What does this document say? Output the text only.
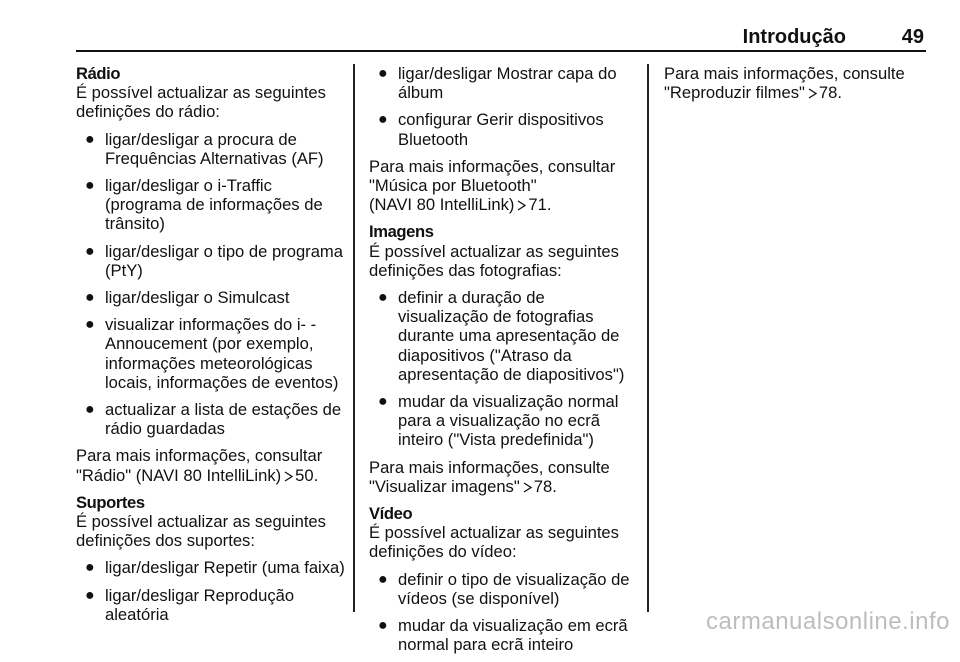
Introdução	49
Rádio
É possível actualizar as seguintes definições do rádio:
● ligar/desligar a procura de Frequências Alternativas (AF)
● ligar/desligar o i-Traffic (programa de informações de trânsito)
● ligar/desligar o tipo de programa (PtY)
● ligar/desligar o Simulcast
● visualizar informações do i- -Annoucement (por exemplo, informações meteorológicas locais, informações de eventos)
● actualizar a lista de estações de rádio guardadas
Para mais informações, consultar
"Rádio" (NAVI 80 IntelliLink) 50.
Suportes
É possível actualizar as seguintes definições dos suportes:
● ligar/desligar Repetir (uma faixa)
● ligar/desligar Reprodução aleatória
● ligar/desligar Mostrar capa do álbum
● configurar Gerir dispositivos Bluetooth
Para mais informações, consultar
"Música por Bluetooth"
(NAVI 80 IntelliLink) 71.
Imagens
É possível actualizar as seguintes definições das fotografias:
● definir a duração de visualização de fotografias durante uma apresentação de diapositivos ("Atraso da apresentação de diapositivos")
● mudar da visualização normal para a visualização no ecrã inteiro ("Vista predefinida")
Para mais informações, consulte
"Visualizar imagens" 78.
Vídeo
É possível actualizar as seguintes definições do vídeo:
● definir o tipo de visualização de vídeos (se disponível)
● mudar da visualização em ecrã normal para ecrã inteiro
Para mais informações, consulte
"Reproduzir filmes" 78.
carmanualsonline.info
